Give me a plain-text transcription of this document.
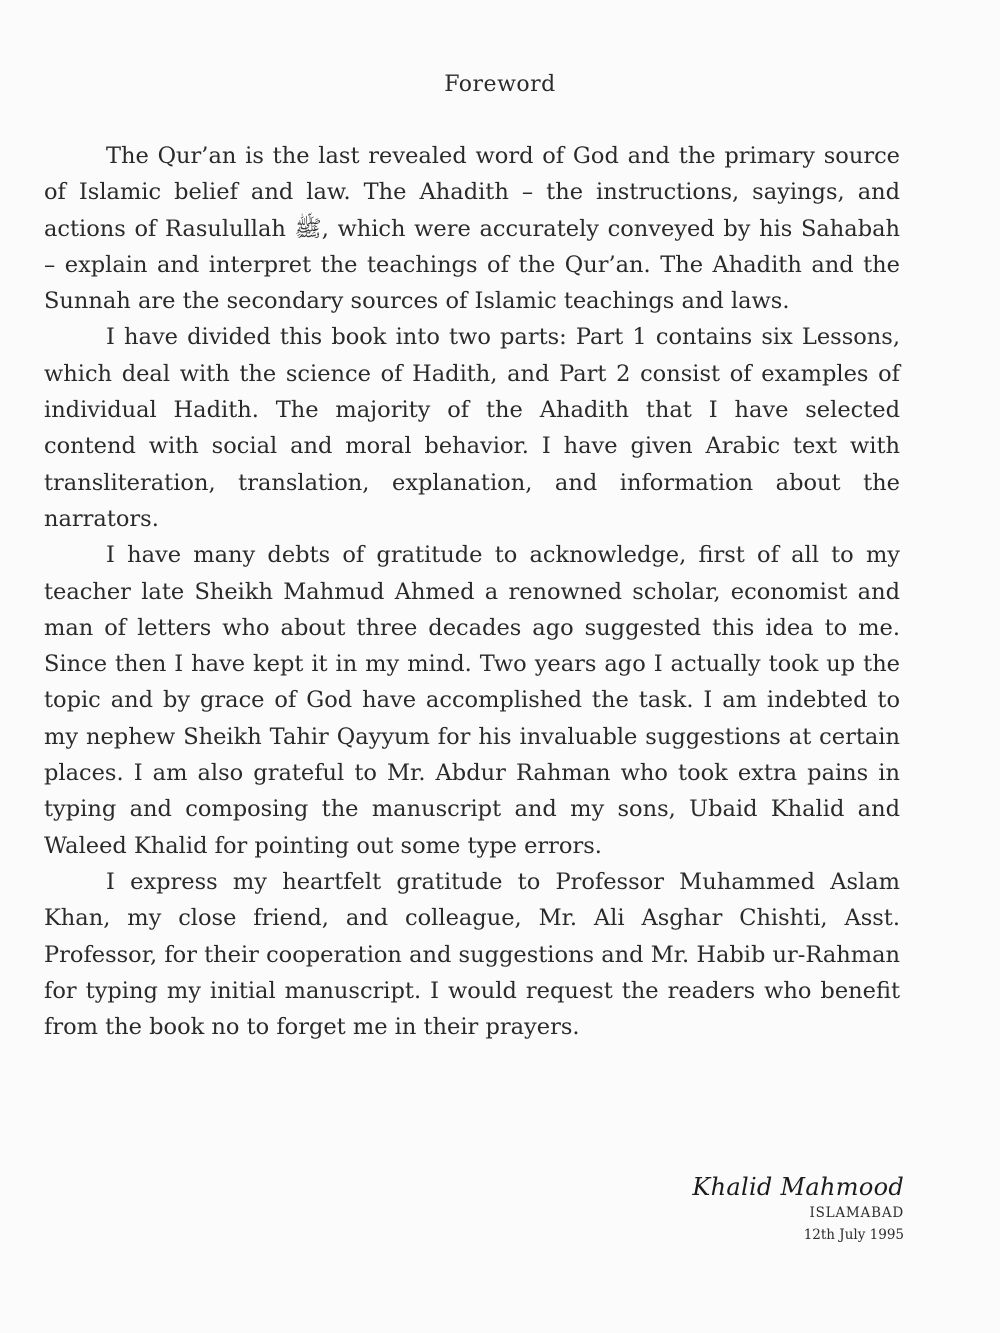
Foreword

The Qur’an is the last revealed word of God and the primary source of Islamic belief and law. The Ahadith – the instructions, sayings, and actions of Rasulullah ﷺ, which were accurately conveyed by his Sahabah – explain and interpret the teachings of the Qur’an. The Ahadith and the Sunnah are the secondary sources of Islamic teachings and laws.

I have divided this book into two parts: Part 1 contains six Lessons, which deal with the science of Hadith, and Part 2 consist of examples of individual Hadith. The majority of the Ahadith that I have selected contend with social and moral behavior. I have given Arabic text with transliteration, translation, explanation, and information about the narrators.

I have many debts of gratitude to acknowledge, first of all to my teacher late Sheikh Mahmud Ahmed a renowned scholar, economist and man of letters who about three decades ago suggested this idea to me. Since then I have kept it in my mind. Two years ago I actually took up the topic and by grace of God have accomplished the task. I am indebted to my nephew Sheikh Tahir Qayyum for his invaluable suggestions at certain places. I am also grateful to Mr. Abdur Rahman who took extra pains in typing and composing the manuscript and my sons, Ubaid Khalid and Waleed Khalid for pointing out some type errors.

I express my heartfelt gratitude to Professor Muhammed Aslam Khan, my close friend, and colleague, Mr. Ali Asghar Chishti, Asst. Professor, for their cooperation and suggestions and Mr. Habib ur-Rahman for typing my initial manuscript. I would request the readers who benefit from the book no to forget me in their prayers.

Khalid Mahmood
ISLAMABAD
12th July 1995
